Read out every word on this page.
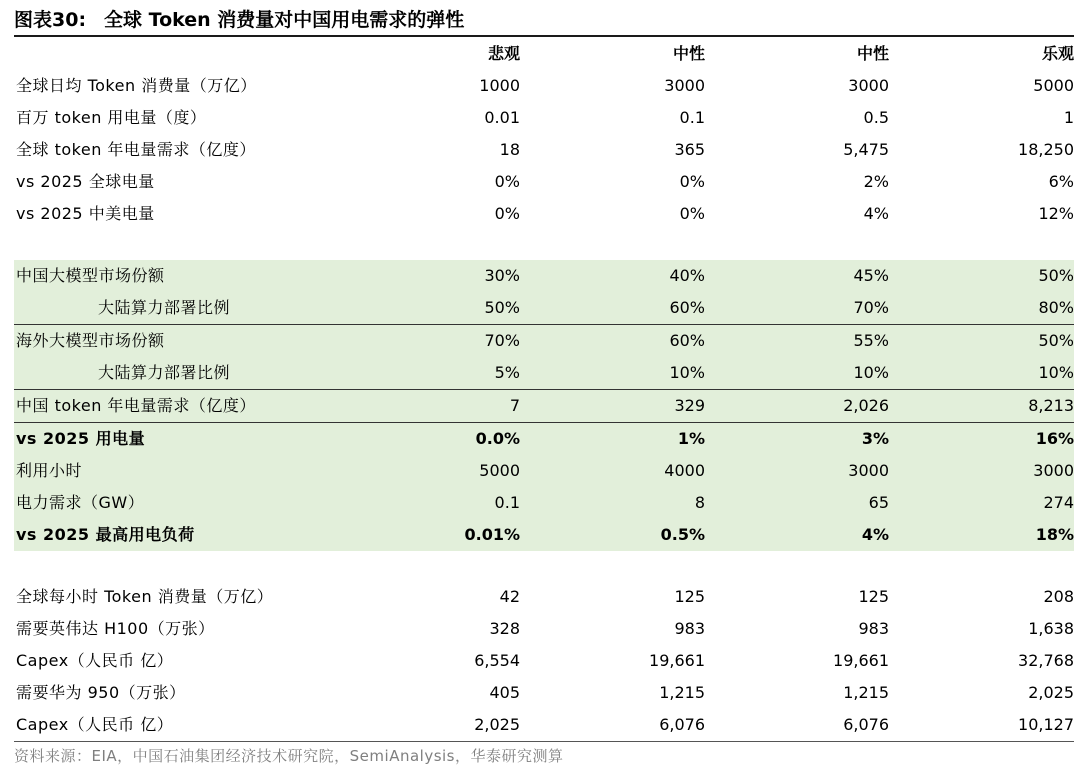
图表30: 全球 Token 消费量对中国用电需求的弹性
	悲观	中性	中性	乐观
全球日均 Token 消费量（万亿）	1000	3000	3000	5000
百万 token 用电量（度）	0.01	0.1	0.5	1
全球 token 年电量需求（亿度）	18	365	5,475	18,250
vs 2025 全球电量	0%	0%	2%	6%
vs 2025 中美电量	0%	0%	4%	12%

中国大模型市场份额	30%	40%	45%	50%
大陆算力部署比例	50%	60%	70%	80%
海外大模型市场份额	70%	60%	55%	50%
大陆算力部署比例	5%	10%	10%	10%
中国 token 年电量需求（亿度）	7	329	2,026	8,213
vs 2025 用电量	0.0%	1%	3%	16%
利用小时	5000	4000	3000	3000
电力需求（GW）	0.1	8	65	274
vs 2025 最高用电负荷	0.01%	0.5%	4%	18%

全球每小时 Token 消费量（万亿）	42	125	125	208
需要英伟达 H100（万张）	328	983	983	1,638
Capex（人民币 亿）	6,554	19,661	19,661	32,768
需要华为 950（万张）	405	1,215	1,215	2,025
Capex（人民币 亿）	2,025	6,076	6,076	10,127
资料来源：EIA，中国石油集团经济技术研究院，SemiAnalysis，华泰研究测算
